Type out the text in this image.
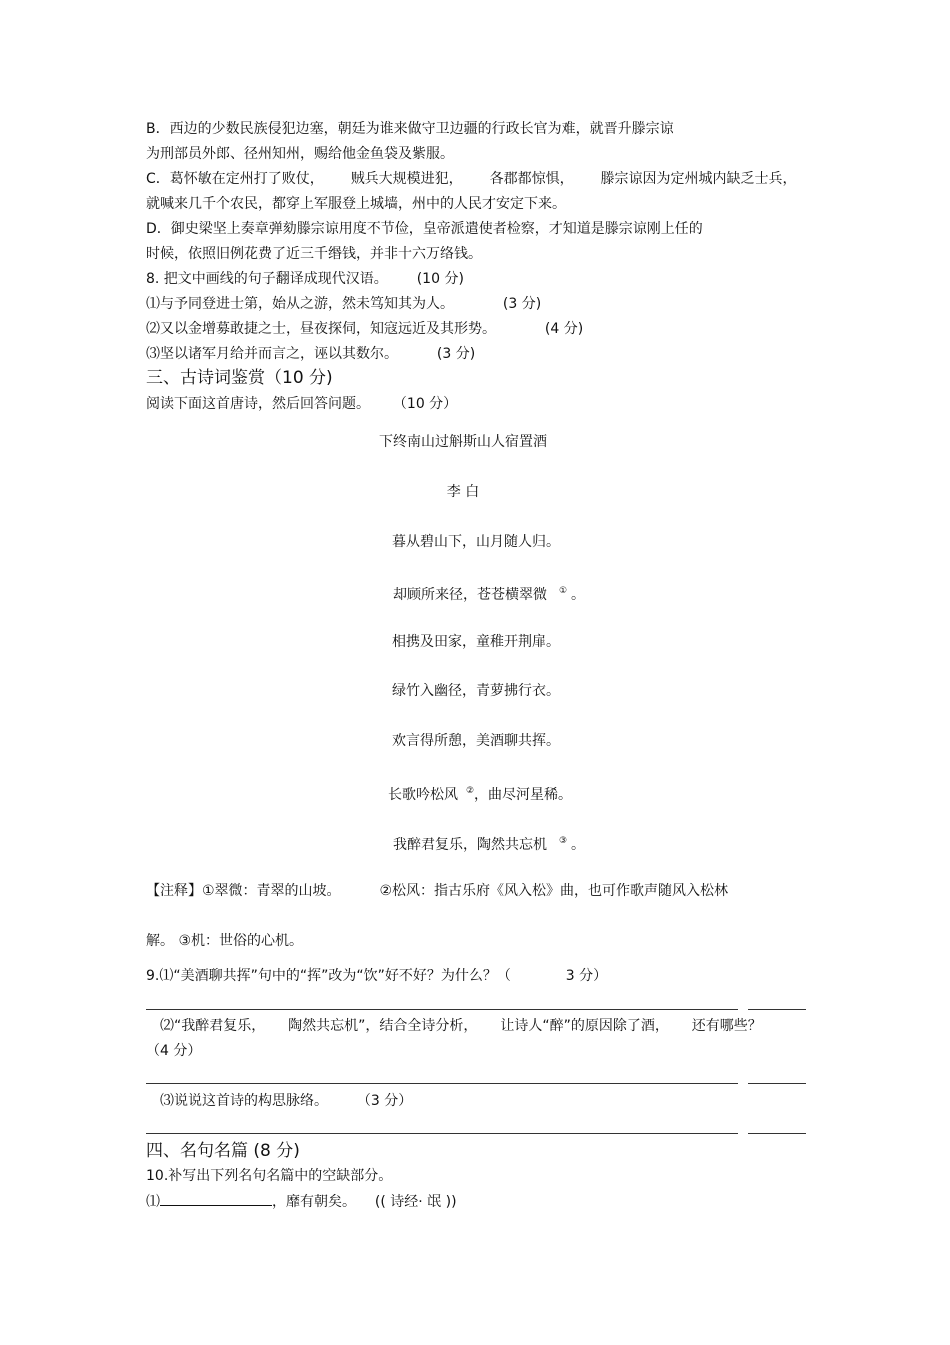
B．西边的少数民族侵犯边塞，朝廷为谁来做守卫边疆的行政长官为难，就晋升滕宗谅
为刑部员外郎、径州知州，赐给他金鱼袋及紫服。
C．葛怀敏在定州打了败仗， 贼兵大规模进犯， 各郡都惊惧， 滕宗谅因为定州城内缺乏士兵，
就喊来几千个农民，都穿上军服登上城墙，州中的人民才安定下来。
D．御史梁坚上奏章弹劾滕宗谅用度不节俭，皇帝派遣使者检察，才知道是滕宗谅刚上任的
时候，依照旧例花费了近三千缗钱，并非十六万络钱。
8. 把文中画线的句子翻译成现代汉语。 (10 分)
⑴与予同登进士第，始从之游，然未笃知其为人。	(3 分)
⑵又以金增募敢捷之士，昼夜探伺，知寇远近及其形势。	(4 分)
⑶坚以诸军月给并而言之，诬以其数尔。	(3 分)
三、古诗词鉴赏（10 分)
阅读下面这首唐诗，然后回答问题。 （10 分）
下终南山过斛斯山人宿置酒
李 白
暮从碧山下，山月随人归。
却顾所来径，苍苍横翠微 ① 。
相携及田家，童稚开荆扉。
绿竹入幽径，青萝拂行衣。
欢言得所憩，美酒聊共挥。
长歌吟松风 ②，曲尽河星稀。
我醉君复乐，陶然共忘机 ③ 。
【注释】①翠微：青翠的山坡。	②松风：指古乐府《风入松》曲，也可作歌声随风入松林
解。 ③机：世俗的心机。
9.⑴“美酒聊共挥”句中的“挥”改为“饮”好不好？为什么？（	3 分）
⑵“我醉君复乐， 陶然共忘机”，结合全诗分析， 让诗人“醉”的原因除了酒， 还有哪些？
（4 分）
⑶说说这首诗的构思脉络。 （3 分）
四、名句名篇 (8 分)
10.补写出下列名句名篇中的空缺部分。
⑴	，靡有朝矣。 (( 诗经· 氓 ))
